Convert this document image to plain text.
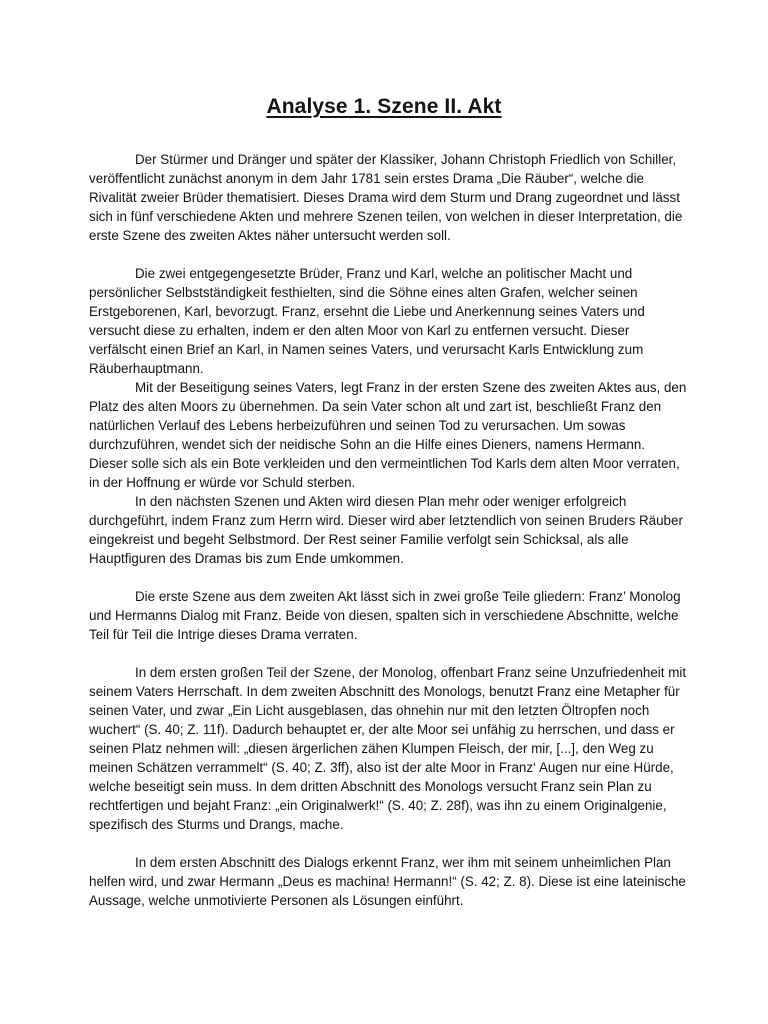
Analyse 1. Szene II. Akt

Der Stürmer und Dränger und später der Klassiker, Johann Christoph Friedlich von Schiller, veröffentlicht zunächst anonym in dem Jahr 1781 sein erstes Drama „Die Räuber“, welche die Rivalität zweier Brüder thematisiert. Dieses Drama wird dem Sturm und Drang zugeordnet und lässt sich in fünf verschiedene Akten und mehrere Szenen teilen, von welchen in dieser Interpretation, die erste Szene des zweiten Aktes näher untersucht werden soll.

Die zwei entgegengesetzte Brüder, Franz und Karl, welche an politischer Macht und persönlicher Selbstständigkeit festhielten, sind die Söhne eines alten Grafen, welcher seinen Erstgeborenen, Karl, bevorzugt. Franz, ersehnt die Liebe und Anerkennung seines Vaters und versucht diese zu erhalten, indem er den alten Moor von Karl zu entfernen versucht. Dieser verfälscht einen Brief an Karl, in Namen seines Vaters, und verursacht Karls Entwicklung zum Räuberhauptmann.

Mit der Beseitigung seines Vaters, legt Franz in der ersten Szene des zweiten Aktes aus, den Platz des alten Moors zu übernehmen. Da sein Vater schon alt und zart ist, beschließt Franz den natürlichen Verlauf des Lebens herbeizuführen und seinen Tod zu verursachen. Um sowas durchzuführen, wendet sich der neidische Sohn an die Hilfe eines Dieners, namens Hermann. Dieser solle sich als ein Bote verkleiden und den vermeintlichen Tod Karls dem alten Moor verraten, in der Hoffnung er würde vor Schuld sterben.

In den nächsten Szenen und Akten wird diesen Plan mehr oder weniger erfolgreich durchgeführt, indem Franz zum Herrn wird. Dieser wird aber letztendlich von seinen Bruders Räuber eingekreist und begeht Selbstmord. Der Rest seiner Familie verfolgt sein Schicksal, als alle Hauptfiguren des Dramas bis zum Ende umkommen.

Die erste Szene aus dem zweiten Akt lässt sich in zwei große Teile gliedern: Franz’ Monolog und Hermanns Dialog mit Franz. Beide von diesen, spalten sich in verschiedene Abschnitte, welche Teil für Teil die Intrige dieses Drama verraten.

In dem ersten großen Teil der Szene, der Monolog, offenbart Franz seine Unzufriedenheit mit seinem Vaters Herrschaft. In dem zweiten Abschnitt des Monologs, benutzt Franz eine Metapher für seinen Vater, und zwar „Ein Licht ausgeblasen, das ohnehin nur mit den letzten Öltropfen noch wuchert“ (S. 40; Z. 11f). Dadurch behauptet er, der alte Moor sei unfähig zu herrschen, und dass er seinen Platz nehmen will: „diesen ärgerlichen zähen Klumpen Fleisch, der mir, [...], den Weg zu meinen Schätzen verrammelt“ (S. 40; Z. 3ff), also ist der alte Moor in Franz‘ Augen nur eine Hürde, welche beseitigt sein muss. In dem dritten Abschnitt des Monologs versucht Franz sein Plan zu rechtfertigen und bejaht Franz: „ein Originalwerk!“ (S. 40; Z. 28f), was ihn zu einem Originalgenie, spezifisch des Sturms und Drangs, mache.

In dem ersten Abschnitt des Dialogs erkennt Franz, wer ihm mit seinem unheimlichen Plan helfen wird, und zwar Hermann „Deus es machina! Hermann!“ (S. 42; Z. 8). Diese ist eine lateinische Aussage, welche unmotivierte Personen als Lösungen einführt.
